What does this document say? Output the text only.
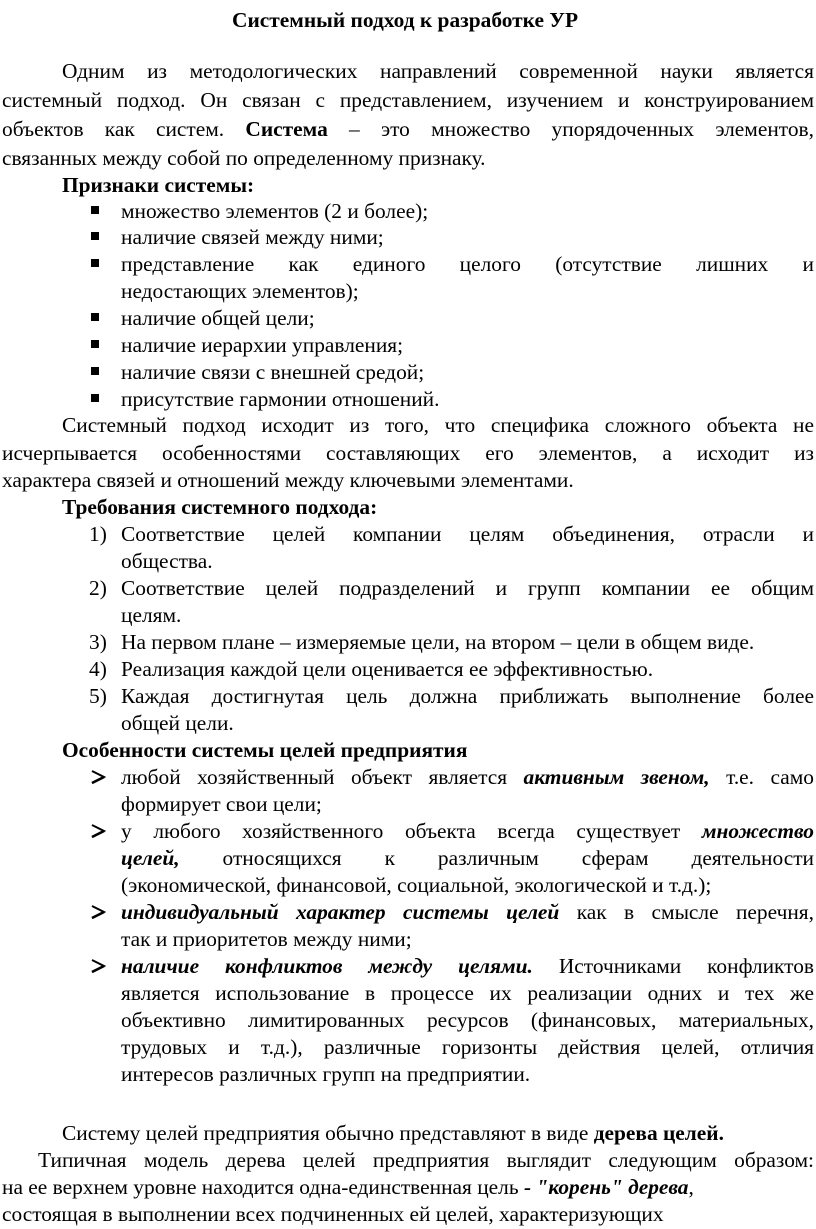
Системный подход к разработке УР
Одним из методологических направлений современной науки является
системный подход. Он связан с представлением, изучением и конструированием
объектов как систем. Система – это множество упорядоченных элементов,
связанных между собой по определенному признаку.
Признаки системы:
множество элементов (2 и более);
наличие связей между ними;
представление как единого целого (отсутствие лишних и
недостающих элементов);
наличие общей цели;
наличие иерархии управления;
наличие связи с внешней средой;
присутствие гармонии отношений.
Системный подход исходит из того, что специфика сложного объекта не
исчерпывается особенностями составляющих его элементов, а исходит из
характера связей и отношений между ключевыми элементами.
Требования системного подхода:
1) Соответствие целей компании целям объединения, отрасли и
общества.
2) Соответствие целей подразделений и групп компании ее общим
целям.
3) На первом плане – измеряемые цели, на втором – цели в общем виде.
4) Реализация каждой цели оценивается ее эффективностью.
5) Каждая достигнутая цель должна приближать выполнение более
общей цели.
Особенности системы целей предприятия
любой хозяйственный объект является активным звеном, т.е. само
формирует свои цели;
у любого хозяйственного объекта всегда существует множество
целей, относящихся к различным сферам деятельности
(экономической, финансовой, социальной, экологической и т.д.);
индивидуальный характер системы целей как в смысле перечня,
так и приоритетов между ними;
наличие конфликтов между целями. Источниками конфликтов
является использование в процессе их реализации одних и тех же
объективно лимитированных ресурсов (финансовых, материальных,
трудовых и т.д.), различные горизонты действия целей, отличия
интересов различных групп на предприятии.
Систему целей предприятия обычно представляют в виде дерева целей.
Типичная модель дерева целей предприятия выглядит следующим образом:
на ее верхнем уровне находится одна-единственная цель - "корень" дерева,
состоящая в выполнении всех подчиненных ей целей, характеризующих
